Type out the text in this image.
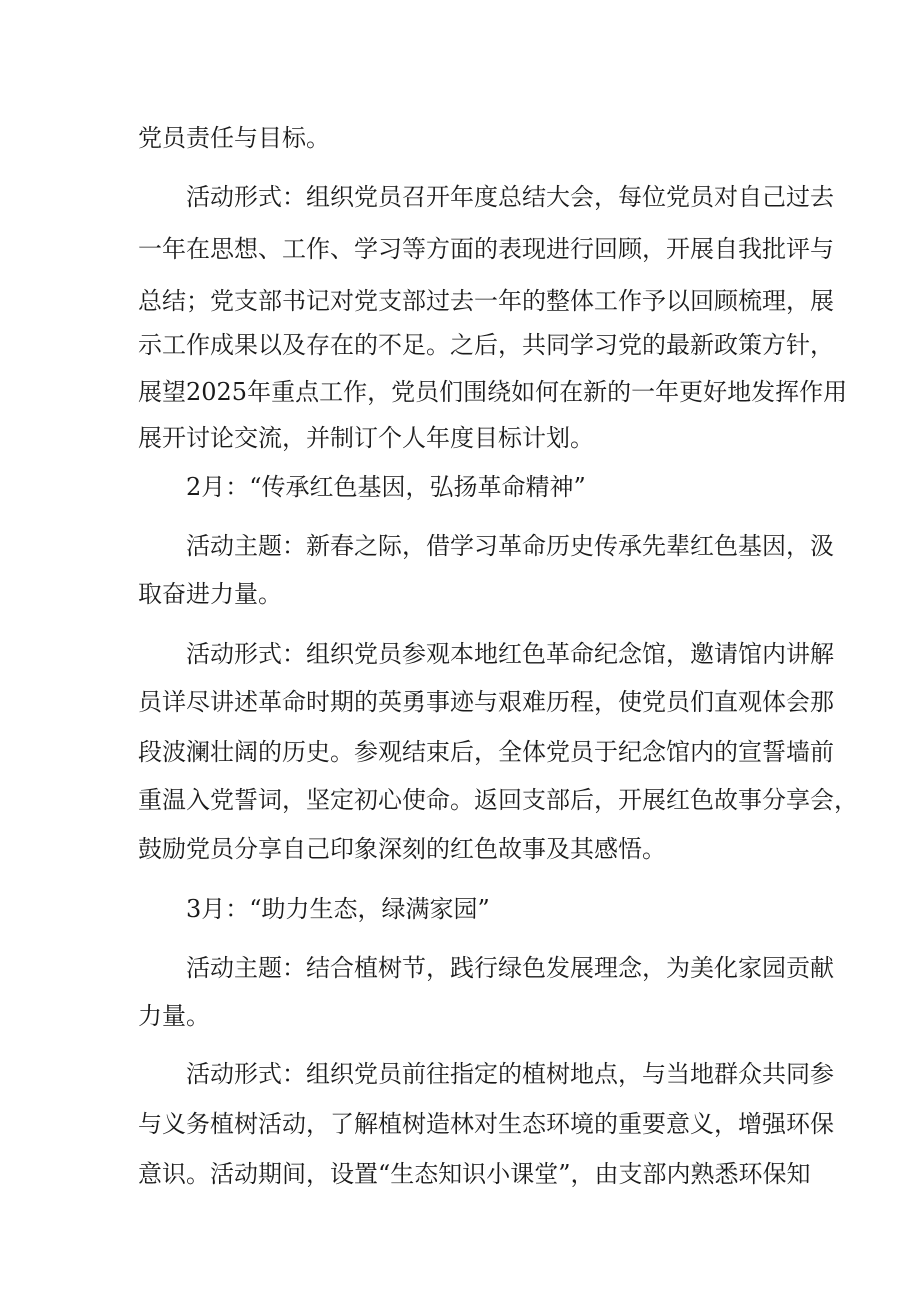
党员责任与目标。
活动形式：组织党员召开年度总结大会，每位党员对自己过去
一年在思想、工作、学习等方面的表现进行回顾，开展自我批评与
总结；党支部书记对党支部过去一年的整体工作予以回顾梳理，展
示工作成果以及存在的不足。之后，共同学习党的最新政策方针，
展望2025年重点工作，党员们围绕如何在新的一年更好地发挥作用
展开讨论交流，并制订个人年度目标计划。
2月：“传承红色基因，弘扬革命精神”
活动主题：新春之际，借学习革命历史传承先辈红色基因，汲
取奋进力量。
活动形式：组织党员参观本地红色革命纪念馆，邀请馆内讲解
员详尽讲述革命时期的英勇事迹与艰难历程，使党员们直观体会那
段波澜壮阔的历史。参观结束后，全体党员于纪念馆内的宣誓墙前
重温入党誓词，坚定初心使命。返回支部后，开展红色故事分享会，
鼓励党员分享自己印象深刻的红色故事及其感悟。
3月：“助力生态，绿满家园”
活动主题：结合植树节，践行绿色发展理念，为美化家园贡献
力量。
活动形式：组织党员前往指定的植树地点，与当地群众共同参
与义务植树活动，了解植树造林对生态环境的重要意义，增强环保
意识。活动期间，设置“生态知识小课堂”，由支部内熟悉环保知
